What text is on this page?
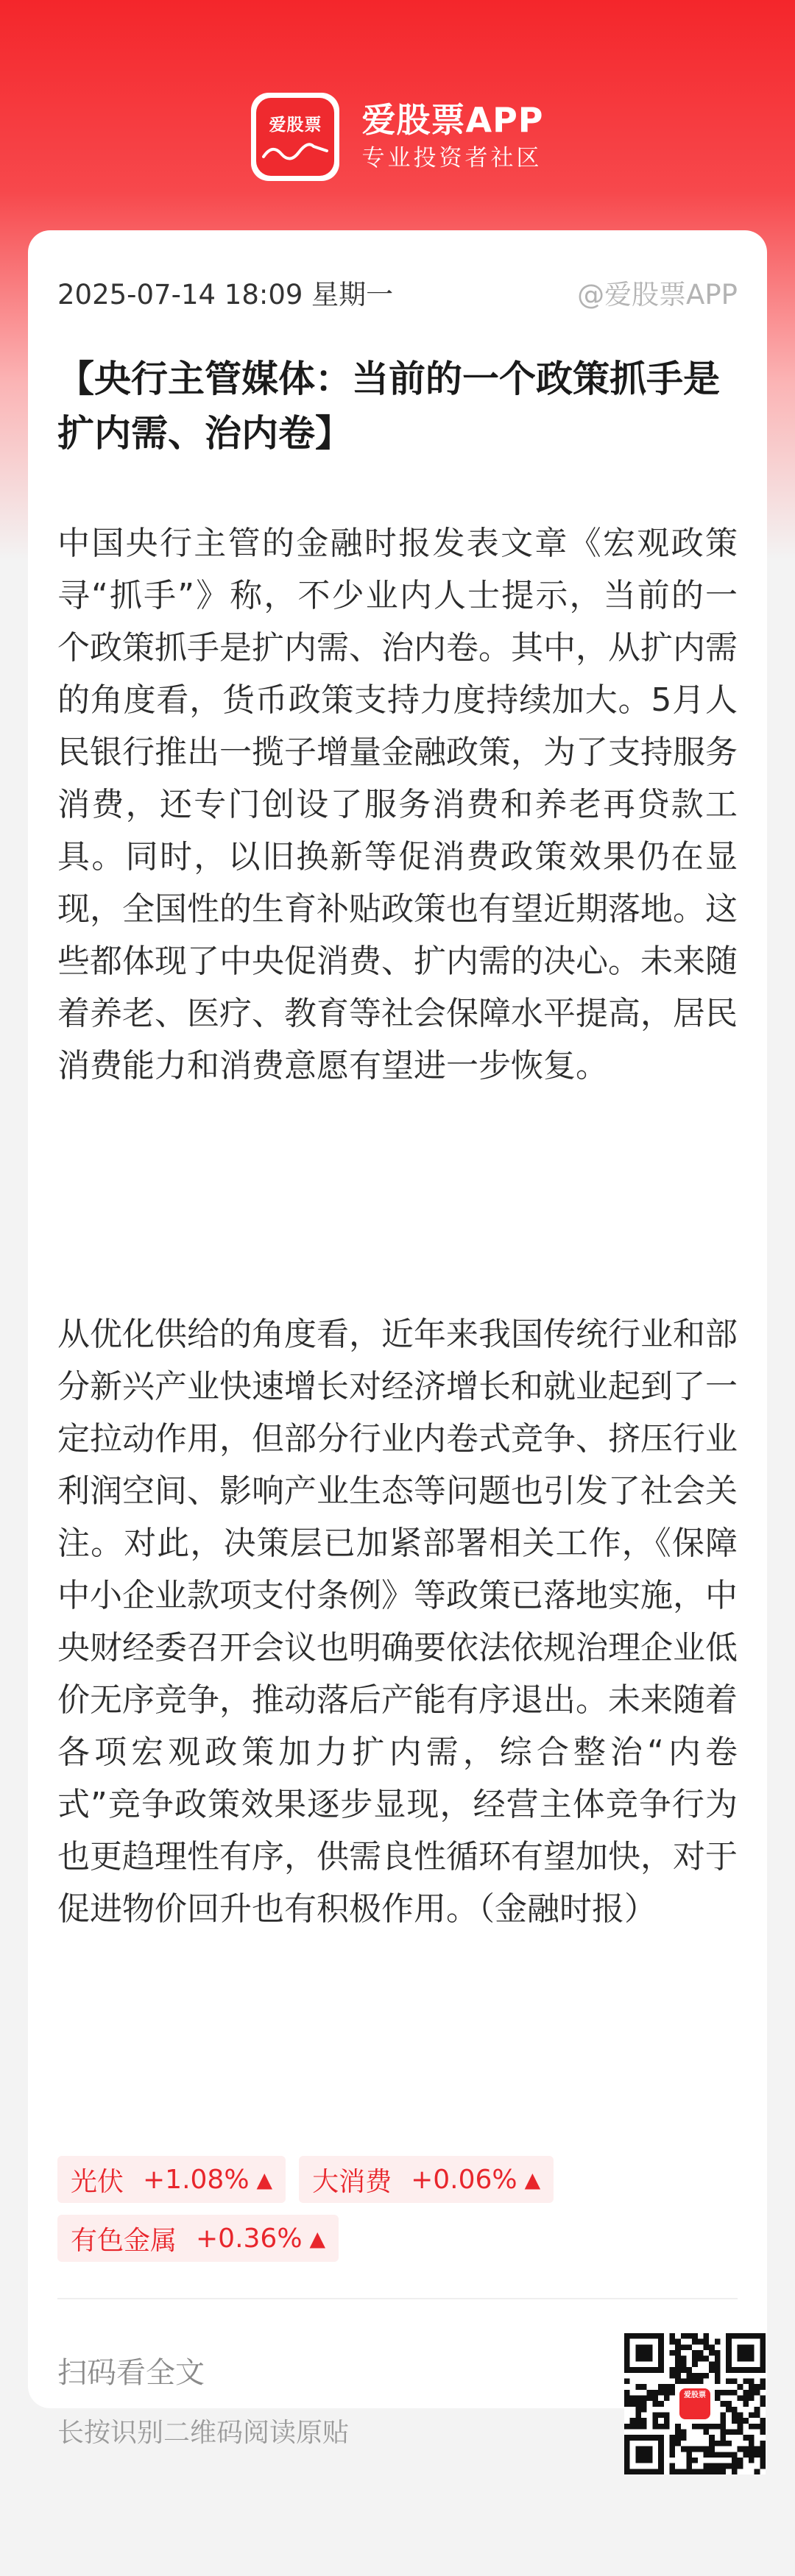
爱股票	爱股票APP
专业投资者社区
2025-07-14 18:09 星期一	@爱股票APP
【央行主管媒体：当前的一个政策抓手是扩内需、治内卷】

中国央行主管的金融时报发表文章《宏观政策寻“抓手”》称，不少业内人士提示，当前的一个政策抓手是扩内需、治内卷。其中，从扩内需的角度看，货币政策支持力度持续加大。5月人民银行推出一揽子增量金融政策，为了支持服务消费，还专门创设了服务消费和养老再贷款工具。同时，以旧换新等促消费政策效果仍在显现，全国性的生育补贴政策也有望近期落地。这些都体现了中央促消费、扩内需的决心。未来随着养老、医疗、教育等社会保障水平提高，居民消费能力和消费意愿有望进一步恢复。

从优化供给的角度看，近年来我国传统行业和部分新兴产业快速增长对经济增长和就业起到了一定拉动作用，但部分行业内卷式竞争、挤压行业利润空间、影响产业生态等问题也引发了社会关注。对此，决策层已加紧部署相关工作，《保障中小企业款项支付条例》等政策已落地实施，中央财经委召开会议也明确要依法依规治理企业低价无序竞争，推动落后产能有序退出。未来随着各项宏观政策加力扩内需，综合整治“内卷式”竞争政策效果逐步显现，经营主体竞争行为也更趋理性有序，供需良性循环有望加快，对于促进物价回升也有积极作用。（金融时报）

光伏 +1.08% ▲ 大消费 +0.06% ▲
有色金属 +0.36% ▲
扫码看全文
长按识别二维码阅读原贴
爱股票
